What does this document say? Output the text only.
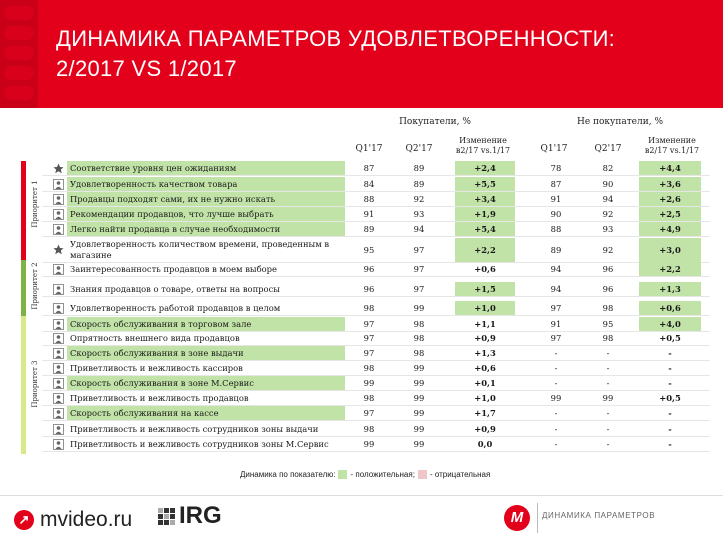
ДИНАМИКА ПАРАМЕТРОВ УДОВЛЕТВОРЕННОСТИ:
2/2017 VS 1/2017
Покупатели, %	Не покупатели, %
Q1'17	Q2'17
Изменение
в2/17 vs.1/17	Q1'17	Q2'17
Изменение
в2/17 vs.1/17
Приоритет 1
Приоритет 2
Приоритет 3
Соответствие уровня цен ожиданиям	87	89	+2,4	78	82	+4,4
Удовлетворенность качеством товара	84	89	+5,5	87	90	+3,6
Продавцы подходят сами, их не нужно искать	88	92	+3,4	91	94	+2,6
Рекомендации продавцов, что лучше выбрать	91	93	+1,9	90	92	+2,5
Легко найти продавца в случае необходимости	89	94	+5,4	88	93	+4,9
Удовлетворенность количеством времени, проведенным в магазине	95	97	+2,2	89	92	+3,0
Заинтересованность продавцов в моем выборе	96	97	+0,6	94	96	+2,2
Знания продавцов о товаре, ответы на вопросы	96	97	+1,5	94	96	+1,3
Удовлетворенность работой продавцов в целом	98	99	+1,0	97	98	+0,6
Скорость обслуживания в торговом зале	97	98	+1,1	91	95	+4,0
Опрятность внешнего вида продавцов	97	98	+0,9	97	98	+0,5
Скорость обслуживания в зоне выдачи	97	98	+1,3	-	-	-
Приветливость и вежливость кассиров	98	99	+0,6	-	-	-
Скорость обслуживания в зоне М.Сервис	99	99	+0,1	-	-	-
Приветливость и вежливость продавцов	98	99	+1,0	99	99	+0,5
Скорость обслуживания на кассе	97	99	+1,7	-	-	-
Приветливость и вежливость сотрудников зоны выдачи	98	99	+0,9	-	-	-
Приветливость и вежливость сотрудников зоны М.Сервис	99	99	0,0	-	-	-
Динамика по показателю: - положительная; - отрицательная
↗ mvideo.ru IRG	М	ДИНАМИКА ПАРАМЕТРОВ
